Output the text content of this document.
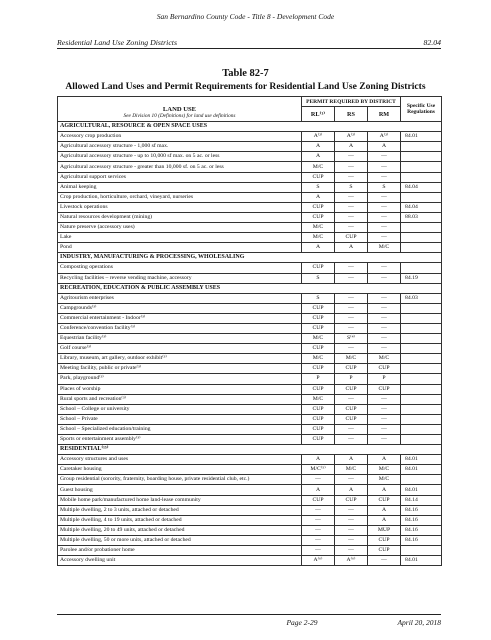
San Bernardino County Code - Title 8 - Development Code
Residential Land Use Zoning Districts	82.04
Table 82-7
Allowed Land Uses and Permit Requirements for Residential Land Use Zoning Districts
LAND USE
See Division 10 (Definitions) for land use definitions	PERMIT REQUIRED BY DISTRICT			Specific Use Regulations
	RL⁽¹⁾	RS	RM	
AGRICULTURAL, RESOURCE & OPEN SPACE USES				
Accessory crop production	A⁽²⁾	A⁽²⁾	A⁽²⁾	84.01
Agricultural accessory structure - 1,000 sf max.	A	A	A	
Agricultural accessory structure - up to 10,000 sf max. on 5 ac. or less	A	—	—	
Agricultural accessory structure - greater than 10,000 sf. on 5 ac. or less	M/C	—	—	
Agricultural support services	CUP	—	—	
Animal keeping	S	S	S	84.04
Crop production, horticulture, orchard, vineyard, nurseries	A	—	—	
Livestock operations	CUP	—	—	84.04
Natural resources development (mining)	CUP	—	—	88.03
Nature preserve (accessory uses)	M/C	—	—	
Lake	M/C	CUP	—	
Pond	A	A	M/C	
INDUSTRY, MANUFACTURING & PROCESSING, WHOLESALING				
Composting operations	CUP	—	—	
Recycling facilities – reverse vending machine, accessory	S	—	—	84.19
RECREATION, EDUCATION & PUBLIC ASSEMBLY USES				
Agritourism enterprises	S	—	—	84.03
Campgrounds⁽³⁾	CUP	—	—	
Commercial entertainment - Indoor⁽³⁾	CUP	—	—	
Conference/convention facility⁽³⁾	CUP	—	—	
Equestrian facility⁽³⁾	M/C	S⁽⁴⁾	—	
Golf course⁽³⁾	CUP	—	—	
Library, museum, art gallery, outdoor exhibit⁽³⁾	M/C	M/C	M/C	
Meeting facility, public or private⁽³⁾	CUP	CUP	CUP	
Park, playground⁽³⁾	P	P	P	
Places of worship	CUP	CUP	CUP	
Rural sports and recreation⁽³⁾	M/C	—	—	
School – College or university	CUP	CUP	—	
School – Private	CUP	CUP	—	
School – Specialized education/training	CUP	—	—	
Sports or entertainment assembly⁽³⁾	CUP	—	—	
RESIDENTIAL⁽¹⁵⁾				
Accessory structures and uses	A	A	A	84.01
Caretaker housing	M/C⁽⁵⁾	M/C	M/C	84.01
Group residential (sorority, fraternity, boarding house, private residential club, etc.)	—	—	M/C	
Guest housing	A	A	A	84.01
Mobile home park/manufactured home land-lease community	CUP	CUP	CUP	84.14
Multiple dwelling, 2 to 3 units, attached or detached	—	—	A	84.16
Multiple dwelling, 4 to 19 units, attached or detached	—	—	A	84.16
Multiple dwelling, 20 to 49 units, attached or detached	—	—	MUP	84.16
Multiple dwelling, 50 or more units, attached or detached	—	—	CUP	84.16
Parolee and/or probationer home	—	—	CUP	
Accessory dwelling unit	A⁽⁶⁾	A⁽⁶⁾	—	84.01
Page 2-29	April 20, 2018
